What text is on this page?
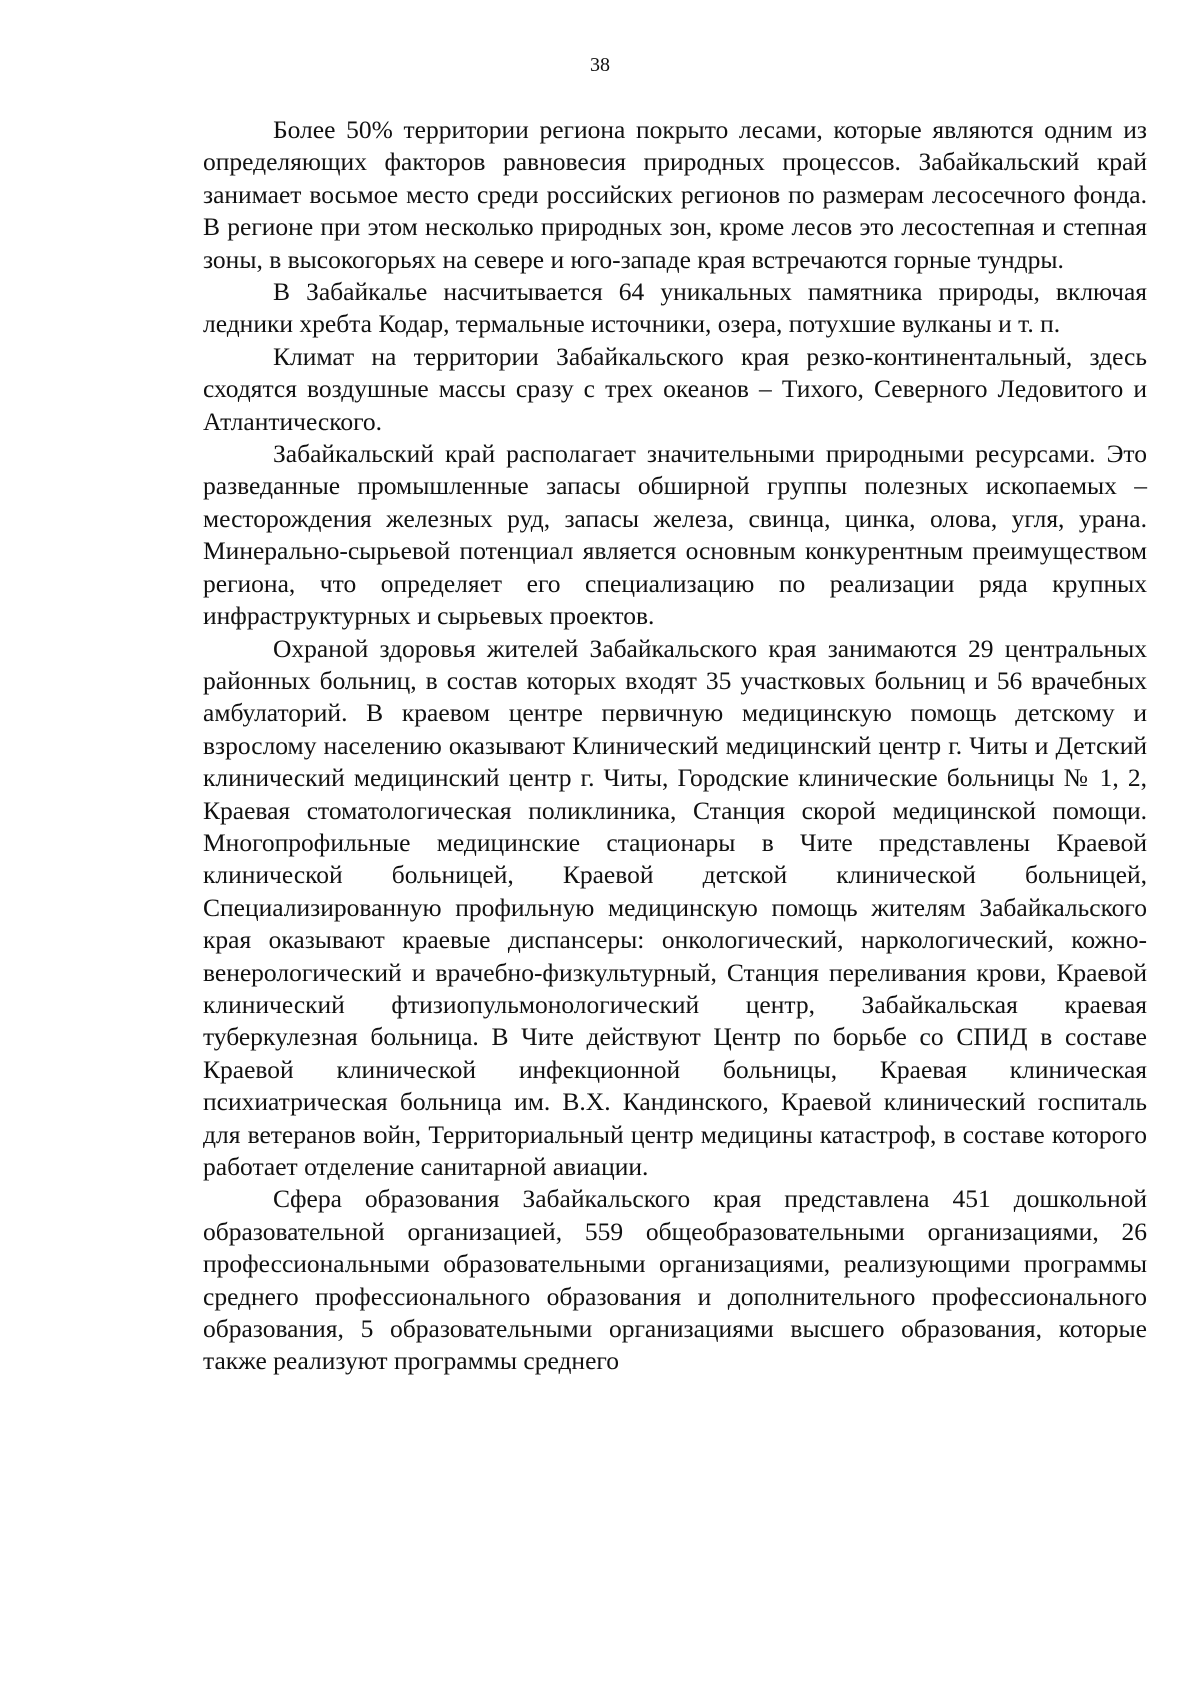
38

Более 50% территории региона покрыто лесами, которые являются одним из определяющих факторов равновесия природных процессов. Забайкальский край занимает восьмое место среди российских регионов по размерам лесосечного фонда. В регионе при этом несколько природных зон, кроме лесов это лесостепная и степная зоны, в высокогорьях на севере и юго-западе края встречаются горные тундры.

В Забайкалье насчитывается 64 уникальных памятника природы, включая ледники хребта Кодар, термальные источники, озера, потухшие вулканы и т. п.

Климат на территории Забайкальского края резко-континентальный, здесь сходятся воздушные массы сразу с трех океанов – Тихого, Северного Ледовитого и Атлантического.

Забайкальский край располагает значительными природными ресурсами. Это разведанные промышленные запасы обширной группы полезных ископаемых – месторождения железных руд, запасы железа, свинца, цинка, олова, угля, урана. Минерально-сырьевой потенциал является основным конкурентным преимуществом региона, что определяет его специализацию по реализации ряда крупных инфраструктурных и сырьевых проектов.

Охраной здоровья жителей Забайкальского края занимаются 29 центральных районных больниц, в состав которых входят 35 участковых больниц и 56 врачебных амбулаторий. В краевом центре первичную медицинскую помощь детскому и взрослому населению оказывают Клинический медицинский центр г. Читы и Детский клинический медицинский центр г. Читы, Городские клинические больницы № 1, 2, Краевая стоматологическая поликлиника, Станция скорой медицинской помощи. Многопрофильные медицинские стационары в Чите представлены Краевой клинической больницей, Краевой детской клинической больницей, Специализированную профильную медицинскую помощь жителям Забайкальского края оказывают краевые диспансеры: онкологический, наркологический, кожно-венерологический и врачебно-физкультурный, Станция переливания крови, Краевой клинический фтизиопульмонологический центр, Забайкальская краевая туберкулезная больница. В Чите действуют Центр по борьбе со СПИД в составе Краевой клинической инфекционной больницы, Краевая клиническая психиатрическая больница им. В.Х. Кандинского, Краевой клинический госпиталь для ветеранов войн, Территориальный центр медицины катастроф, в составе которого работает отделение санитарной авиации.

Сфера образования Забайкальского края представлена 451 дошкольной образовательной организацией, 559 общеобразовательными организациями, 26 профессиональными образовательными организациями, реализующими программы среднего профессионального образования и дополнительного профессионального образования, 5 образовательными организациями высшего образования, которые также реализуют программы среднего
